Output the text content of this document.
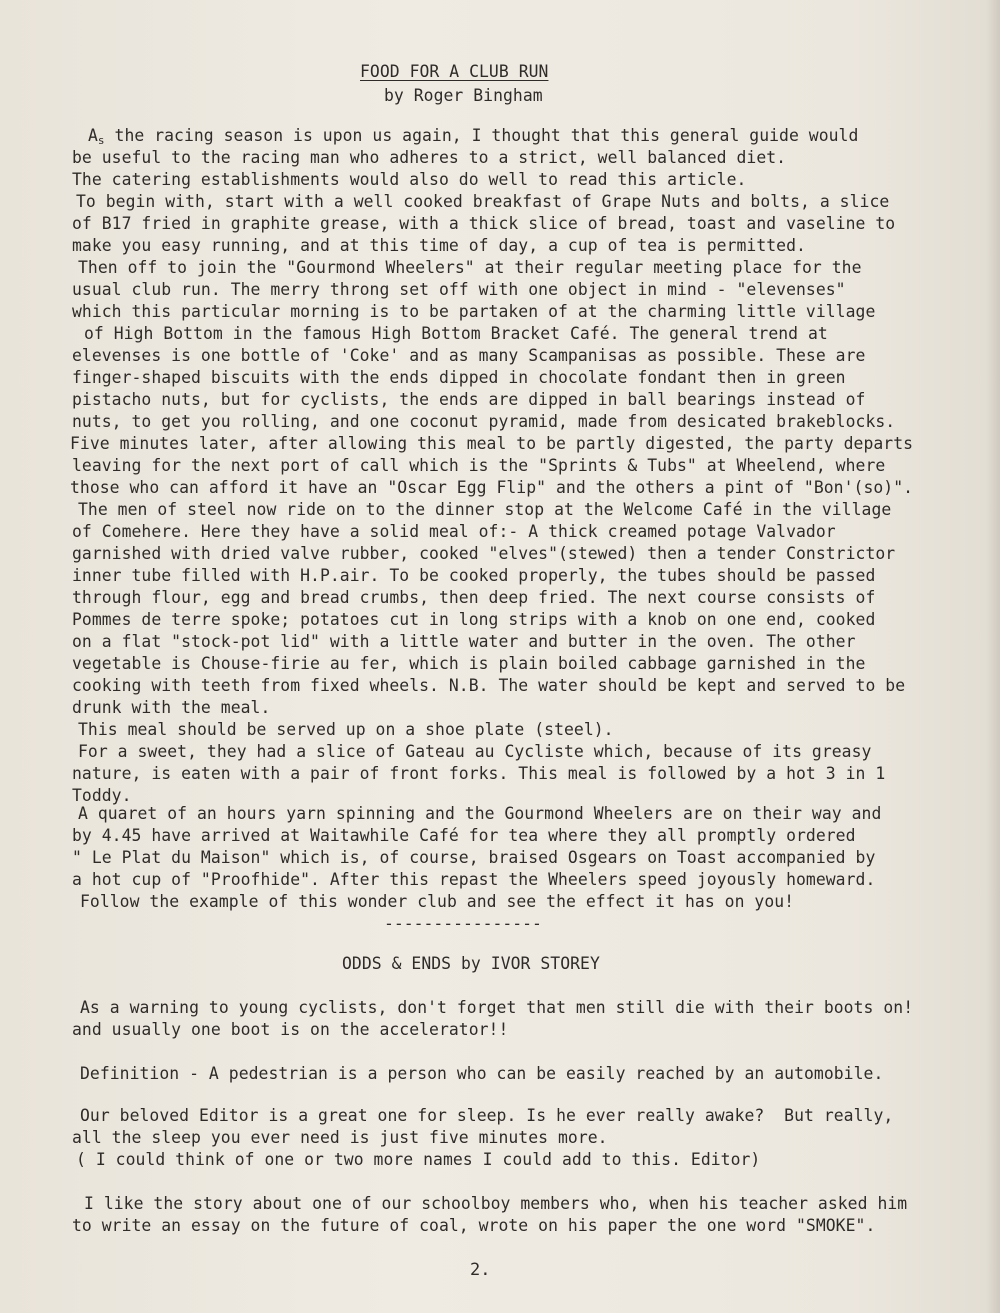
FOOD FOR A CLUB RUN
by Roger Bingham
$A_s$ the racing season is upon us again, I thought that this general guide would
be useful to the racing man who adheres to a strict, well balanced diet.
The catering establishments would also do well to read this article.
To begin with, start with a well cooked breakfast of Grape Nuts and bolts, a slice
of B17 fried in graphite grease, with a thick slice of bread, toast and vaseline to
make you easy running, and at this time of day, a cup of tea is permitted.
Then off to join the "Gourmond Wheelers" at their regular meeting place for the
usual club run. The merry throng set off with one object in mind - "elevenses"
which this particular morning is to be partaken of at the charming little village
of High Bottom in the famous High Bottom Bracket Café. The general trend at
elevenses is one bottle of 'Coke' and as many Scampanisas as possible. These are
finger-shaped biscuits with the ends dipped in chocolate fondant then in green
pistacho nuts, but for cyclists, the ends are dipped in ball bearings instead of
nuts, to get you rolling, and one coconut pyramid, made from desicated brakeblocks.
Five minutes later, after allowing this meal to be partly digested, the party departs
leaving for the next port of call which is the "Sprints & Tubs" at Wheelend, where
those who can afford it have an "Oscar Egg Flip" and the others a pint of "Bon'(so)".
The men of steel now ride on to the dinner stop at the Welcome Café in the village
of Comehere. Here they have a solid meal of:- A thick creamed potage Valvador
garnished with dried valve rubber, cooked "elves"(stewed) then a tender Constrictor
inner tube filled with H.P.air. To be cooked properly, the tubes should be passed
through flour, egg and bread crumbs, then deep fried. The next course consists of
Pommes de terre spoke; potatoes cut in long strips with a knob on one end, cooked
on a flat "stock-pot lid" with a little water and butter in the oven. The other
vegetable is Chouse-firie au fer, which is plain boiled cabbage garnished in the
cooking with teeth from fixed wheels. N.B. The water should be kept and served to be
drunk with the meal.
This meal should be served up on a shoe plate (steel).
For a sweet, they had a slice of Gateau au Cycliste which, because of its greasy
nature, is eaten with a pair of front forks. This meal is followed by a hot 3 in 1
Toddy.
A quaret of an hours yarn spinning and the Gourmond Wheelers are on their way and
by 4.45 have arrived at Waitawhile Café for tea where they all promptly ordered
" Le Plat du Maison" which is, of course, braised Osgears on Toast accompanied by
a hot cup of "Proofhide". After this repast the Wheelers speed joyously homeward.
Follow the example of this wonder club and see the effect it has on you!
----------------
ODDS & ENDS by IVOR STOREY
As a warning to young cyclists, don't forget that men still die with their boots on!
and usually one boot is on the accelerator!!
Definition - A pedestrian is a person who can be easily reached by an automobile.
Our beloved Editor is a great one for sleep. Is he ever really awake?  But really,
all the sleep you ever need is just five minutes more.
( I could think of one or two more names I could add to this. Editor)
I like the story about one of our schoolboy members who, when his teacher asked him
to write an essay on the future of coal, wrote on his paper the one word "SMOKE".
2.
